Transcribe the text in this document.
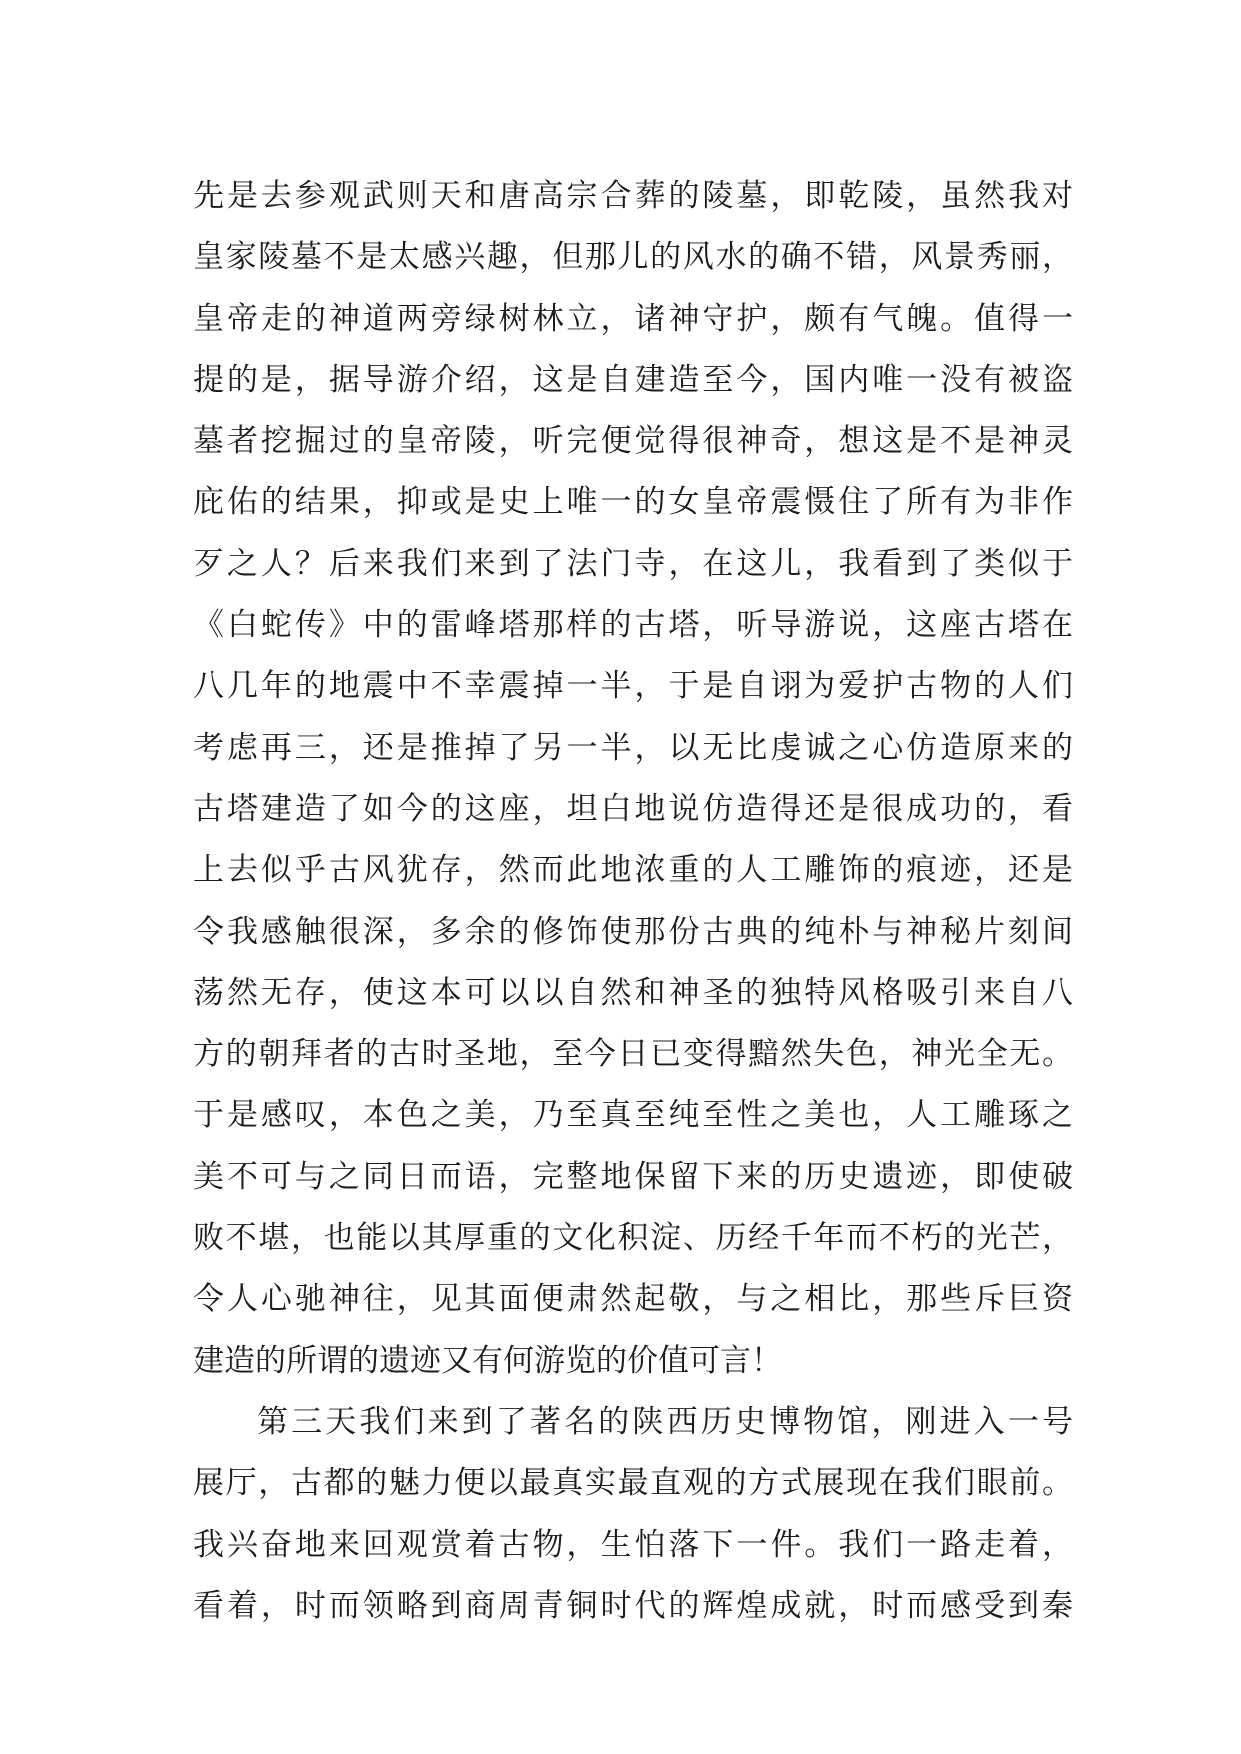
先是去参观武则天和唐高宗合葬的陵墓，即乾陵，虽然我对
皇家陵墓不是太感兴趣，但那儿的风水的确不错，风景秀丽，
皇帝走的神道两旁绿树林立，诸神守护，颇有气魄。值得一
提的是，据导游介绍，这是自建造至今，国内唯一没有被盗
墓者挖掘过的皇帝陵，听完便觉得很神奇，想这是不是神灵
庇佑的结果，抑或是史上唯一的女皇帝震慑住了所有为非作
歹之人？后来我们来到了法门寺，在这儿，我看到了类似于
《白蛇传》中的雷峰塔那样的古塔，听导游说，这座古塔在
八几年的地震中不幸震掉一半，于是自诩为爱护古物的人们
考虑再三，还是推掉了另一半，以无比虔诚之心仿造原来的
古塔建造了如今的这座，坦白地说仿造得还是很成功的，看
上去似乎古风犹存，然而此地浓重的人工雕饰的痕迹，还是
令我感触很深，多余的修饰使那份古典的纯朴与神秘片刻间
荡然无存，使这本可以以自然和神圣的独特风格吸引来自八
方的朝拜者的古时圣地，至今日已变得黯然失色，神光全无。
于是感叹，本色之美，乃至真至纯至性之美也，人工雕琢之
美不可与之同日而语，完整地保留下来的历史遗迹，即使破
败不堪，也能以其厚重的文化积淀、历经千年而不朽的光芒，
令人心驰神往，见其面便肃然起敬，与之相比，那些斥巨资
建造的所谓的遗迹又有何游览的价值可言！
第三天我们来到了著名的陕西历史博物馆，刚进入一号
展厅，古都的魅力便以最真实最直观的方式展现在我们眼前。
我兴奋地来回观赏着古物，生怕落下一件。我们一路走着，
看着，时而领略到商周青铜时代的辉煌成就，时而感受到秦
